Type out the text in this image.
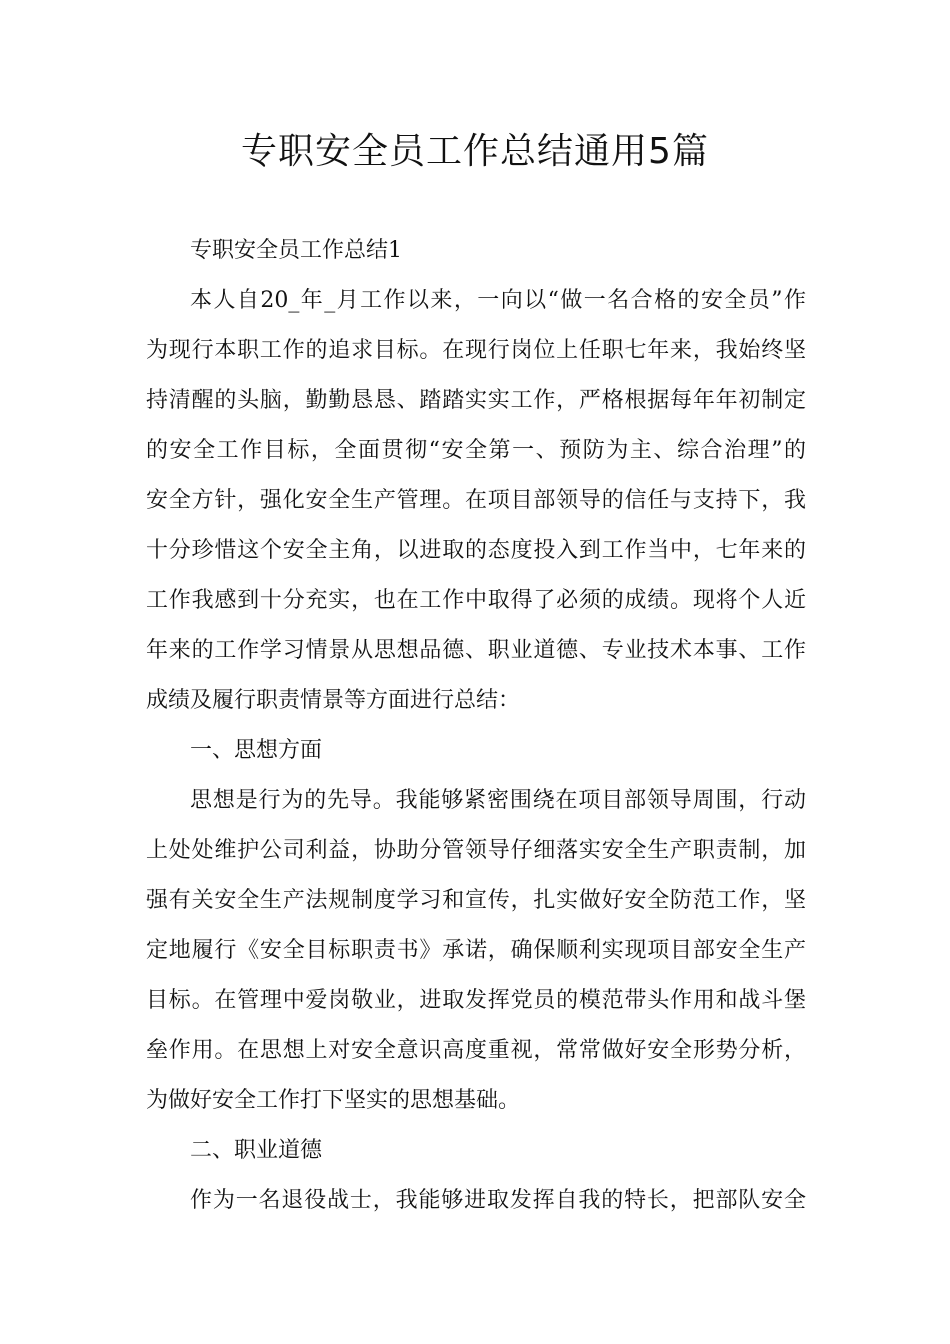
专职安全员工作总结通用5篇

专职安全员工作总结1

本人自20_年_月工作以来，一向以“做一名合格的安全员”作

为现行本职工作的追求目标。在现行岗位上任职七年来，我始终坚

持清醒的头脑，勤勤恳恳、踏踏实实工作，严格根据每年年初制定

的安全工作目标，全面贯彻“安全第一、预防为主、综合治理”的

安全方针，强化安全生产管理。在项目部领导的信任与支持下，我

十分珍惜这个安全主角，以进取的态度投入到工作当中，七年来的

工作我感到十分充实，也在工作中取得了必须的成绩。现将个人近

年来的工作学习情景从思想品德、职业道德、专业技术本事、工作

成绩及履行职责情景等方面进行总结：

一、思想方面

思想是行为的先导。我能够紧密围绕在项目部领导周围，行动

上处处维护公司利益，协助分管领导仔细落实安全生产职责制，加

强有关安全生产法规制度学习和宣传，扎实做好安全防范工作，坚

定地履行《安全目标职责书》承诺，确保顺利实现项目部安全生产

目标。在管理中爱岗敬业，进取发挥党员的模范带头作用和战斗堡

垒作用。在思想上对安全意识高度重视，常常做好安全形势分析，

为做好安全工作打下坚实的思想基础。

二、职业道德

作为一名退役战士，我能够进取发挥自我的特长，把部队安全
